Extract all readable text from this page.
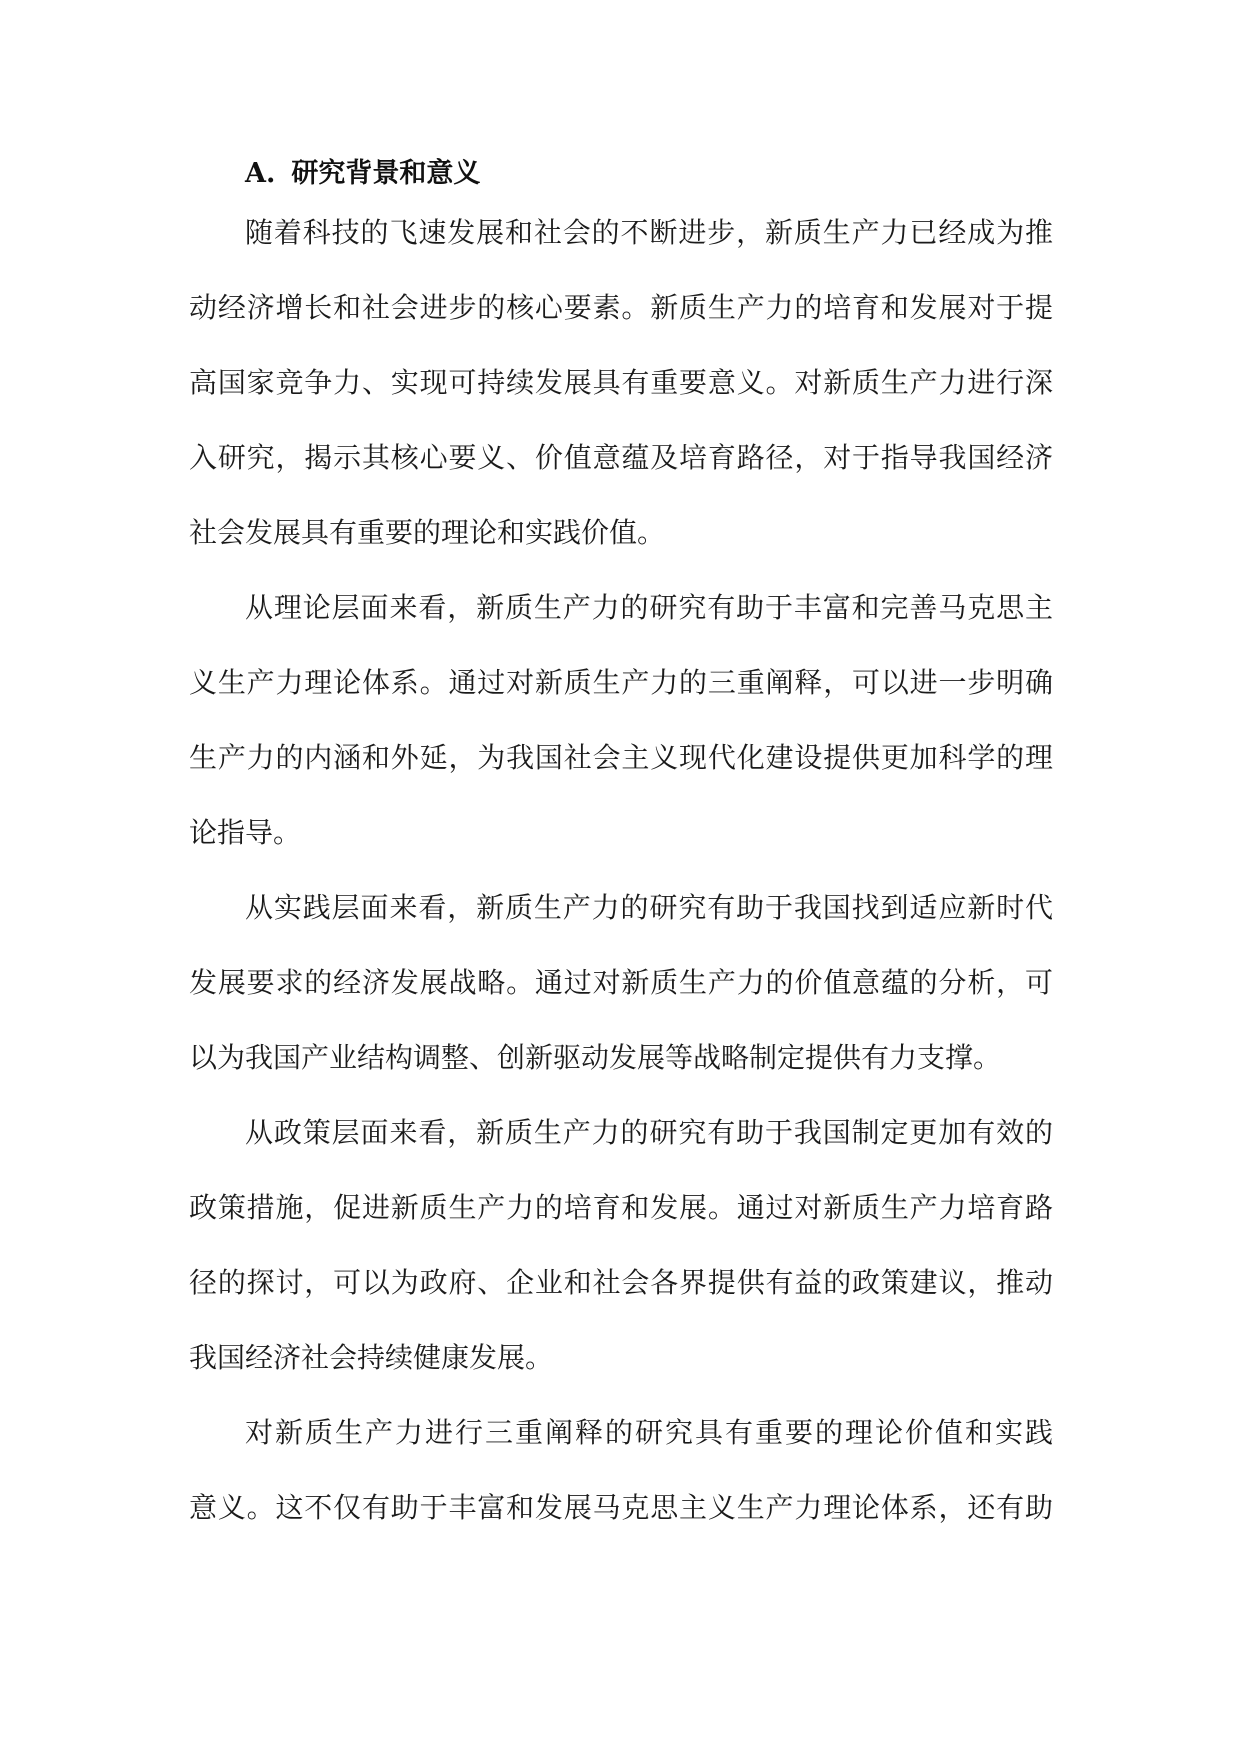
A. 研究背景和意义
随着科技的飞速发展和社会的不断进步，新质生产力已经成为推
动经济增长和社会进步的核心要素。新质生产力的培育和发展对于提
高国家竞争力、实现可持续发展具有重要意义。对新质生产力进行深
入研究，揭示其核心要义、价值意蕴及培育路径，对于指导我国经济
社会发展具有重要的理论和实践价值。
从理论层面来看，新质生产力的研究有助于丰富和完善马克思主
义生产力理论体系。通过对新质生产力的三重阐释，可以进一步明确
生产力的内涵和外延，为我国社会主义现代化建设提供更加科学的理
论指导。
从实践层面来看，新质生产力的研究有助于我国找到适应新时代
发展要求的经济发展战略。通过对新质生产力的价值意蕴的分析，可
以为我国产业结构调整、创新驱动发展等战略制定提供有力支撑。
从政策层面来看，新质生产力的研究有助于我国制定更加有效的
政策措施，促进新质生产力的培育和发展。通过对新质生产力培育路
径的探讨，可以为政府、企业和社会各界提供有益的政策建议，推动
我国经济社会持续健康发展。
对新质生产力进行三重阐释的研究具有重要的理论价值和实践
意义。这不仅有助于丰富和发展马克思主义生产力理论体系，还有助
